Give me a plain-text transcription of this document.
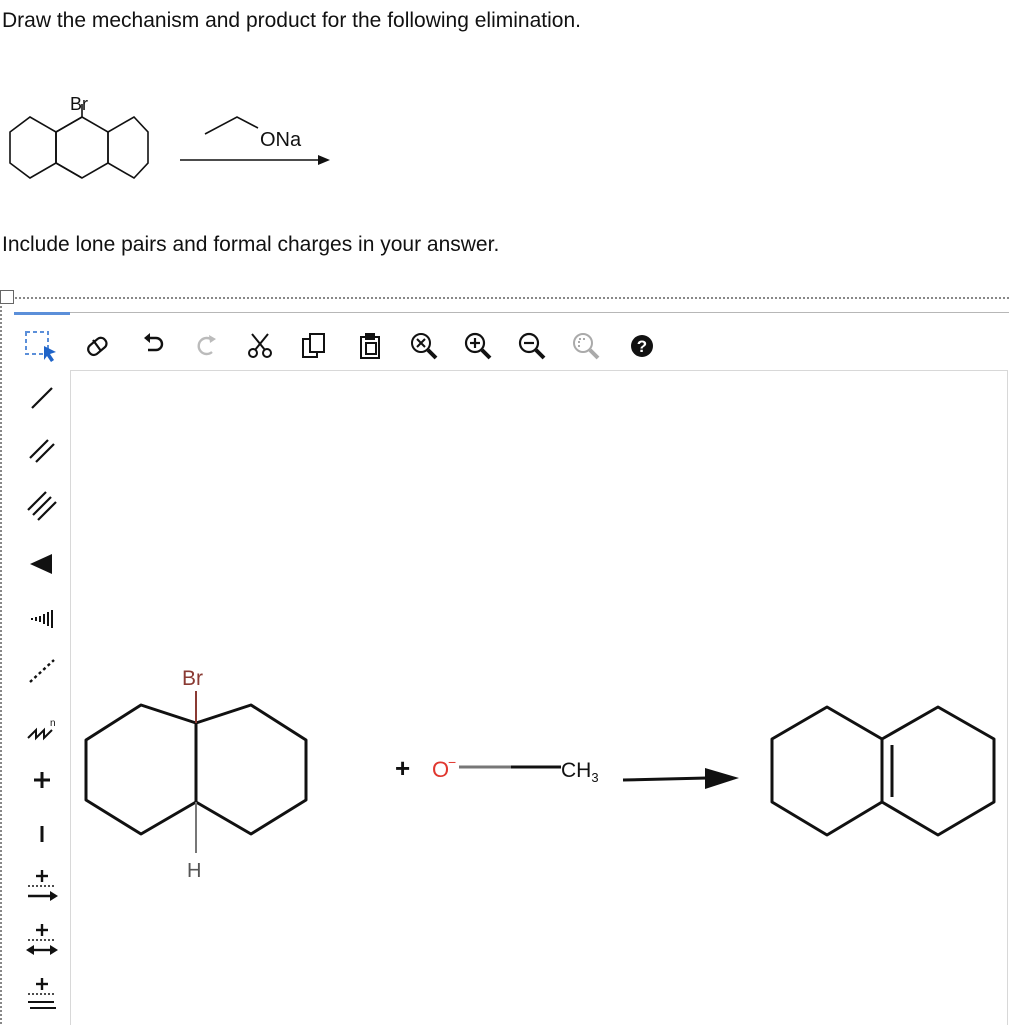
Draw the mechanism and product for the following elimination.
Br
ONa
Include lone pairs and formal charges in your answer.
?
n
Br
H
+ O
−	$CH_3$
